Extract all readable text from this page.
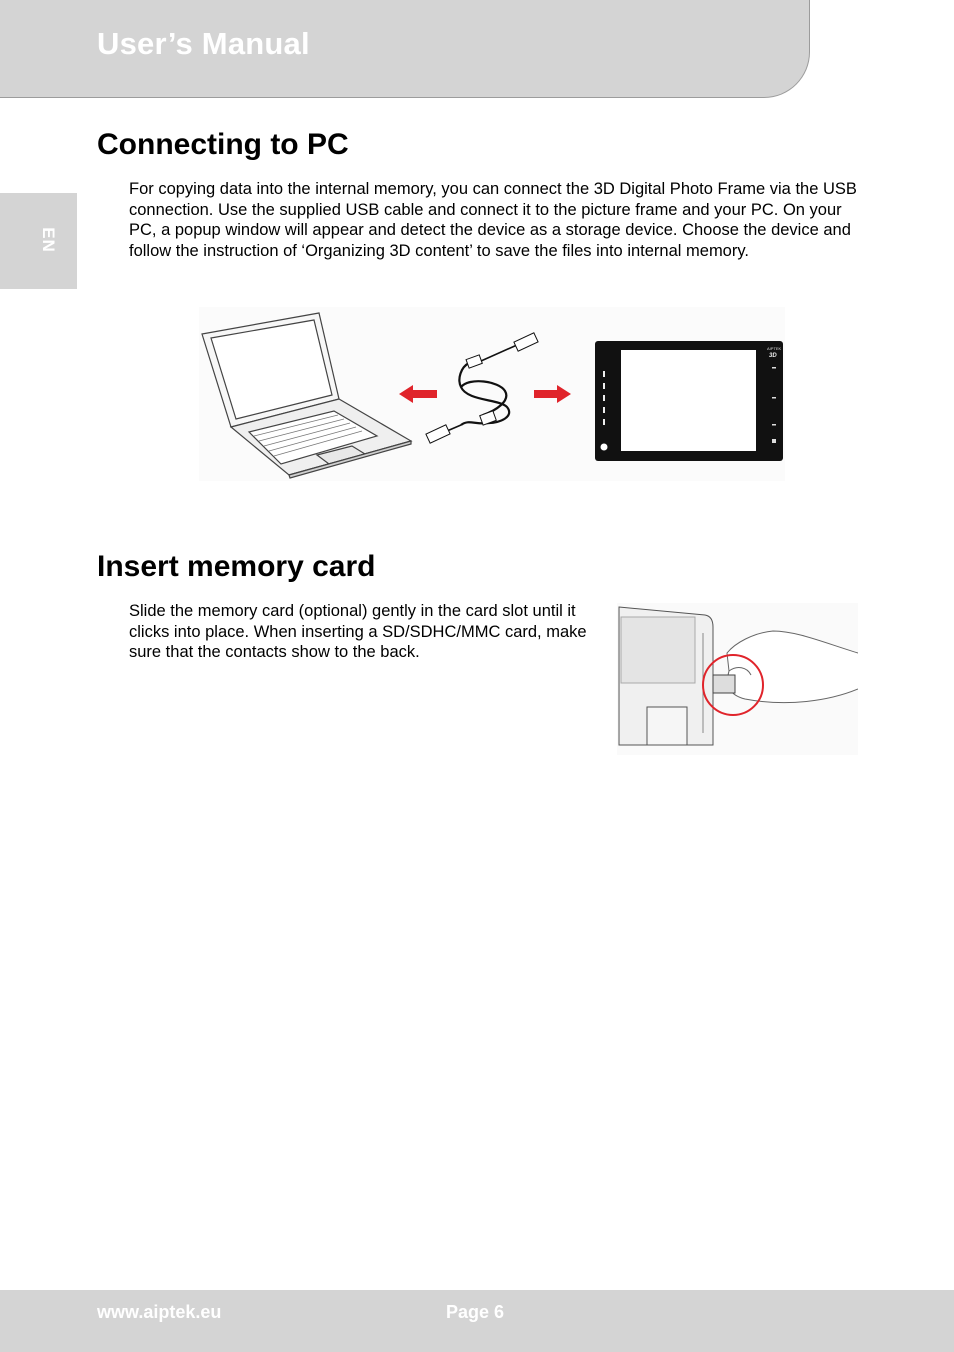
User’s Manual
EN
Connecting to PC

For copying data into the internal memory, you can connect the 3D Digital Photo Frame via the USB connection. Use the supplied USB cable and connect it to the picture frame and your PC. On your PC, a popup window will appear and detect the device as a storage device. Choose the device and follow the instruction of ‘Organizing 3D content’ to save the files into internal memory.

AIPTEK
3D
Insert memory card

Slide the memory card (optional) gently in the card slot until it clicks into place. When inserting a SD/SDHC/MMC card, make sure that the contacts show to the back.

www.aiptek.eu	Page 6
